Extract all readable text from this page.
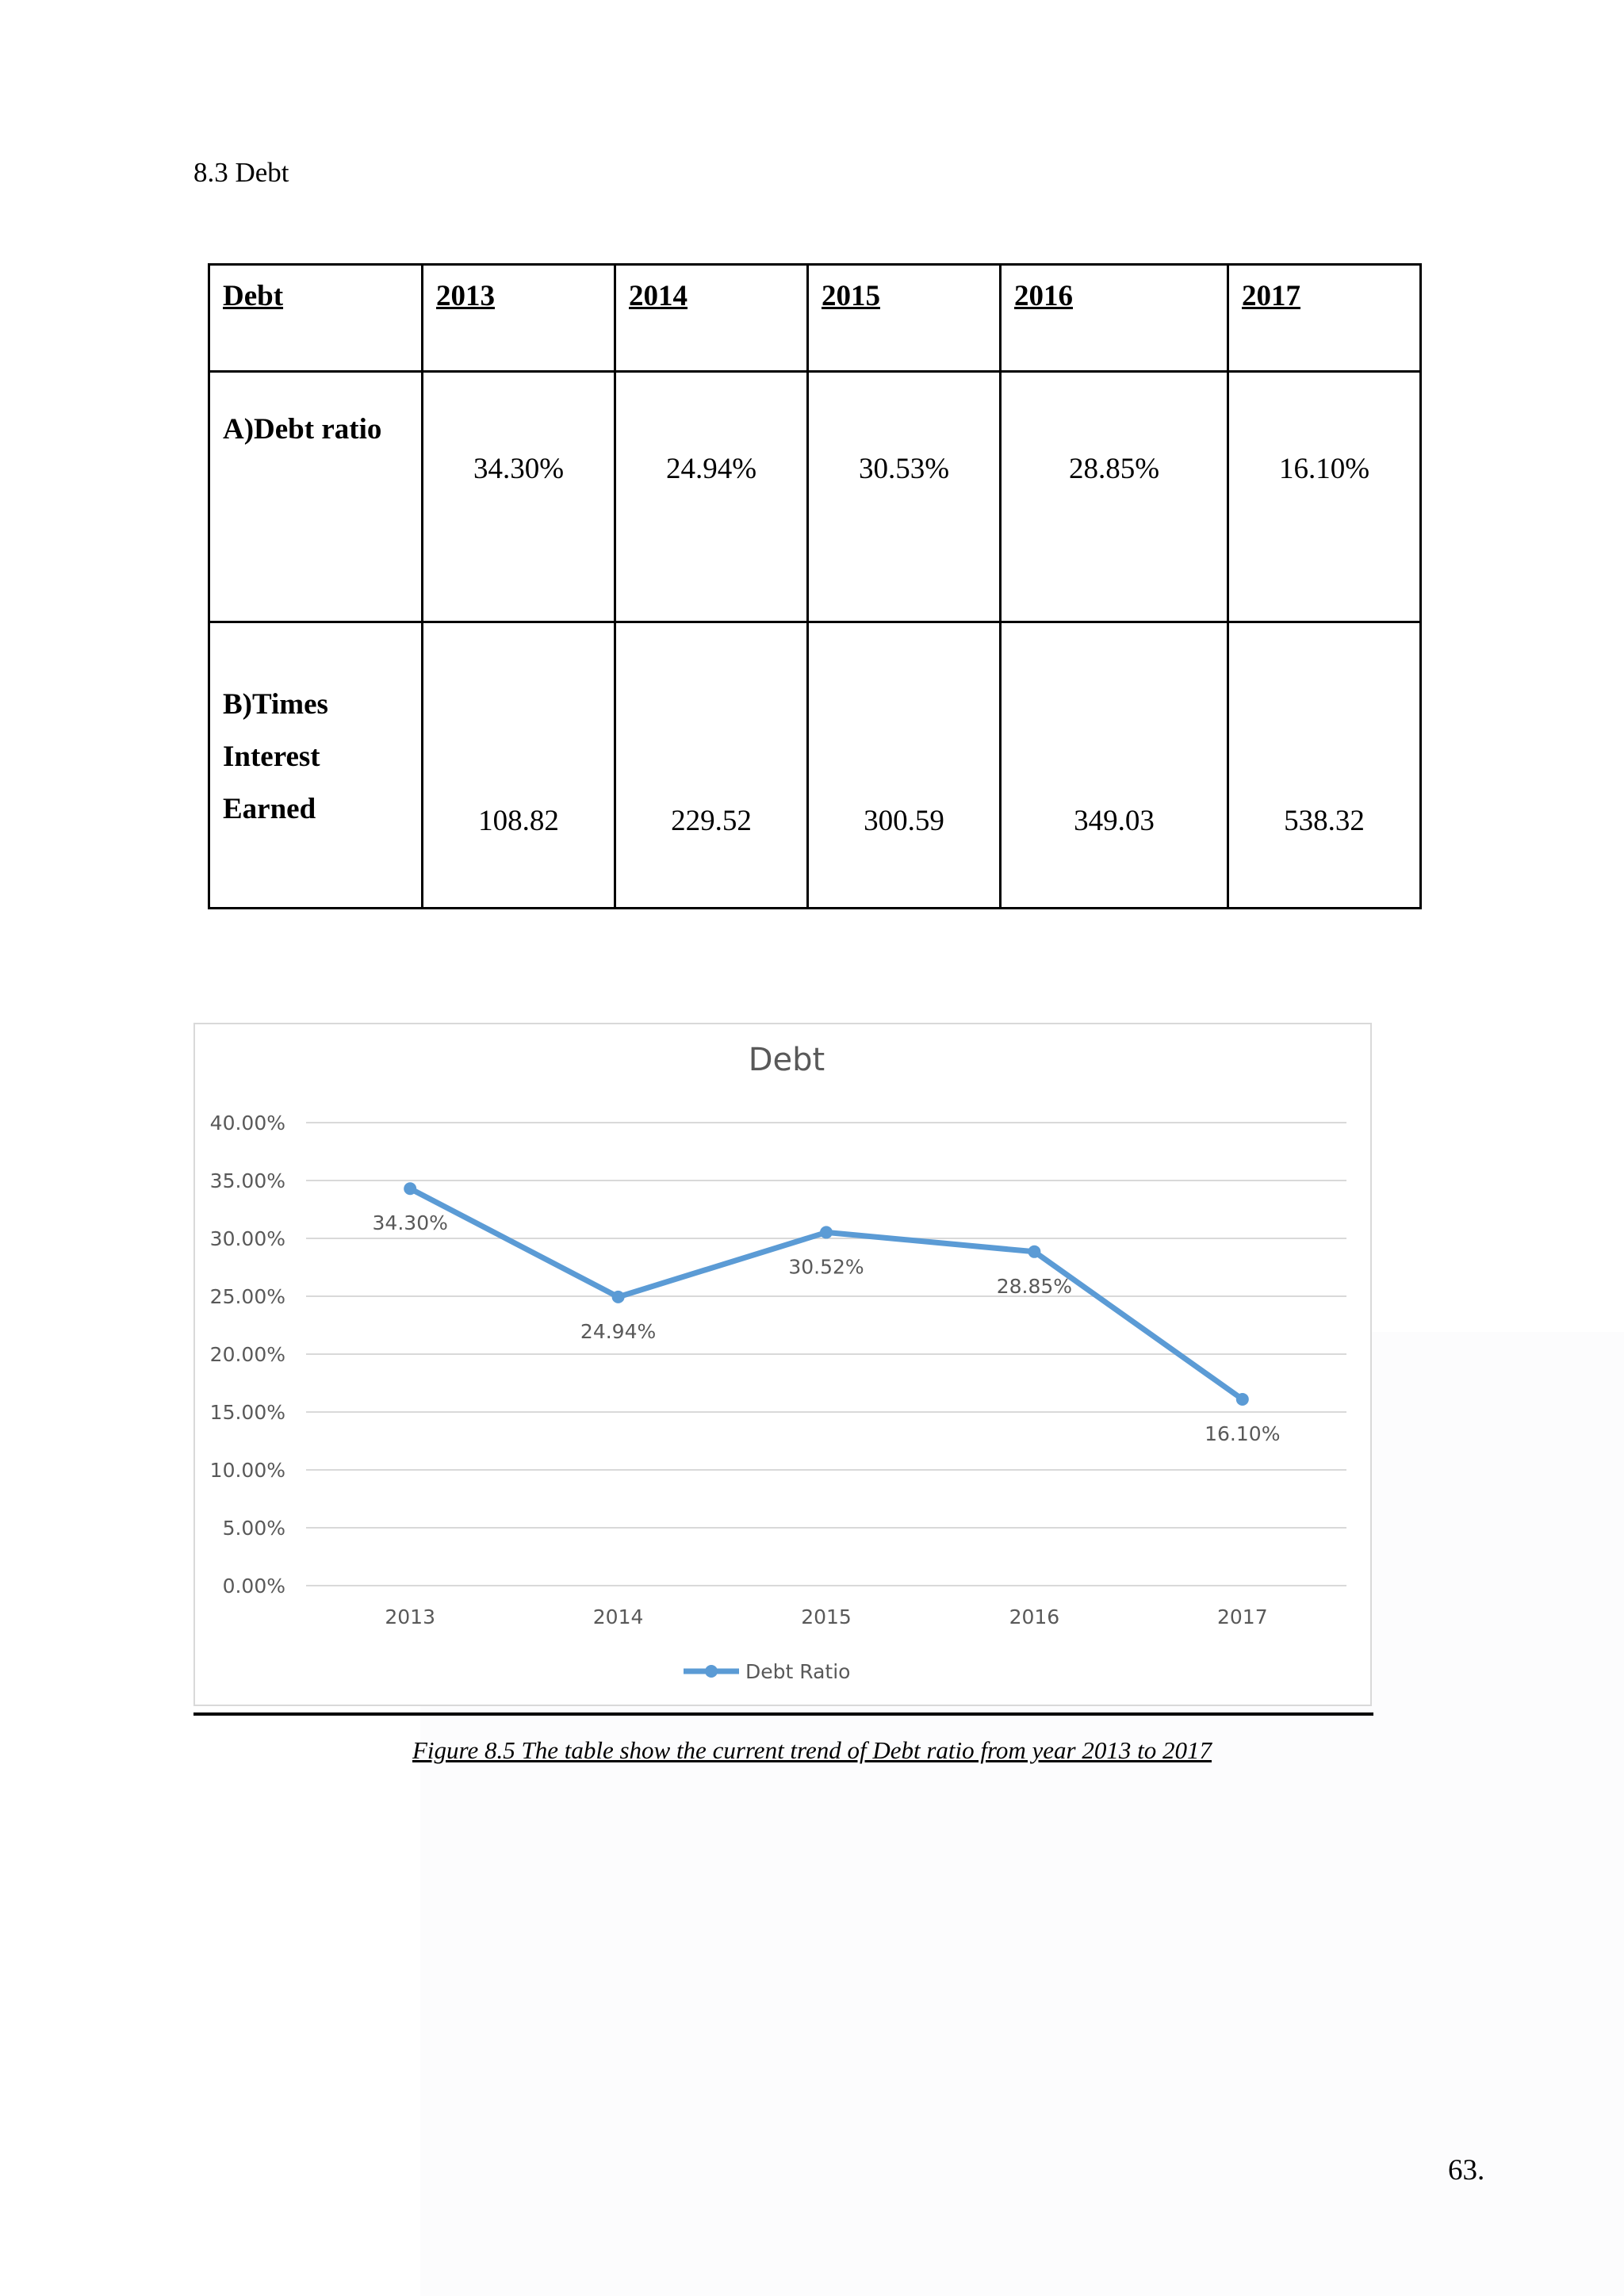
8.3 Debt
Debt	2013	2014	2015	2016	2017

A)Debt ratio	34.30%	24.94%	30.53%	28.85%	16.10%

B)Times
Interest
Earned	108.82	229.52	300.59	349.03	538.32
Debt
0.00%
5.00%
10.00%
15.00%
20.00%
25.00%
30.00%
35.00%
40.00%
2013	2014	2015	2016	2017
34.30%
24.94%
30.52%
28.85%
16.10%
Debt Ratio
Figure 8.5 The table show the current trend of Debt ratio from year 2013 to 2017
63.
